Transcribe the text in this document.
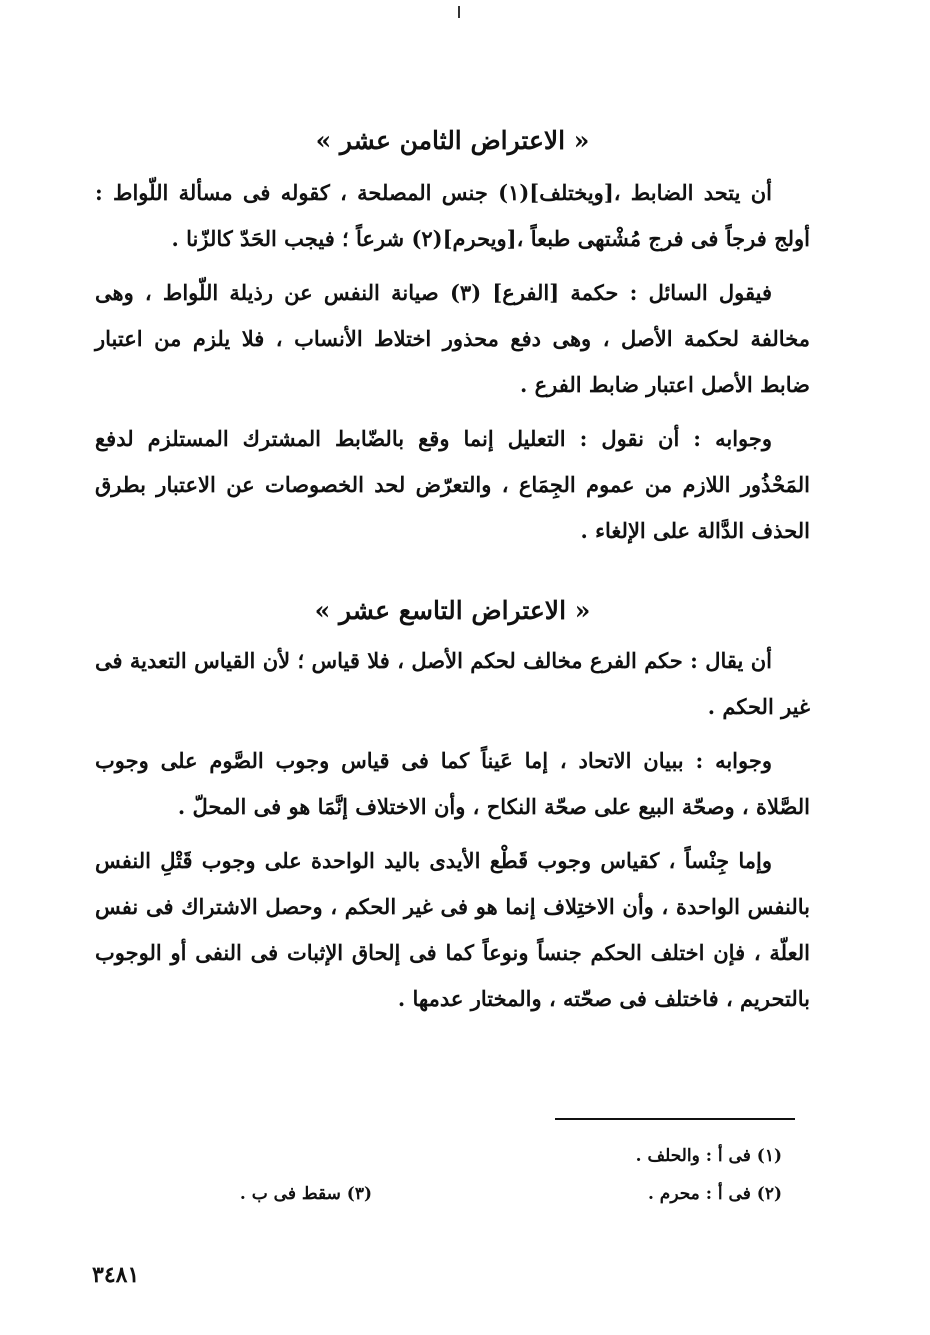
« الاعتراض الثامن عشر »

أن يتحد الضابط ،[ويختلف](١) جنس المصلحة ، كقوله فى مسألة اللّواط : أولج فرجاً فى فرج مُشْتهى طبعاً ،[ويحرم](٢) شرعاً ؛ فيجب الحَدّ كالزّنا .

فيقول السائل : حكمة [الفرع] (٣) صيانة النفس عن رذيلة اللّواط ، وهى مخالفة لحكمة الأصل ، وهى دفع محذور اختلاط الأنساب ، فلا يلزم من اعتبار ضابط الأصل اعتبار ضابط الفرع .

وجوابه : أن نقول : التعليل إنما وقع بالضّابط المشترك المستلزم لدفع المَحْذُور اللازم من عموم الجِمَاع ، والتعرّض لحد الخصوصات عن الاعتبار بطرق الحذف الدَّالة على الإلغاء .

« الاعتراض التاسع عشر »

أن يقال : حكم الفرع مخالف لحكم الأصل ، فلا قياس ؛ لأن القياس التعدية فى غير الحكم .

وجوابه : ببيان الاتحاد ، إما عَيناً كما فى قياس وجوب الصَّوم على وجوب الصَّلاة ، وصحّة البيع على صحّة النكاح ، وأن الاختلاف إنَّمَا هو فى المحلّ .

وإما جِنْساً ، كقياس وجوب قَطْع الأيدى باليد الواحدة على وجوب قَتْلِ النفس بالنفس الواحدة ، وأن الاختِلاف إنما هو فى غير الحكم ، وحصل الاشتراك فى نفس العلّة ، فإن اختلف الحكم جنساً ونوعاً كما فى إلحاق الإثبات فى النفى أو الوجوب بالتحريم ، فاختلف فى صحّته ، والمختار عدمها .

(١) فى أ : والحلف .
(٢) فى أ : محرم .
(٣) سقط فى ب .
٣٤٨١
